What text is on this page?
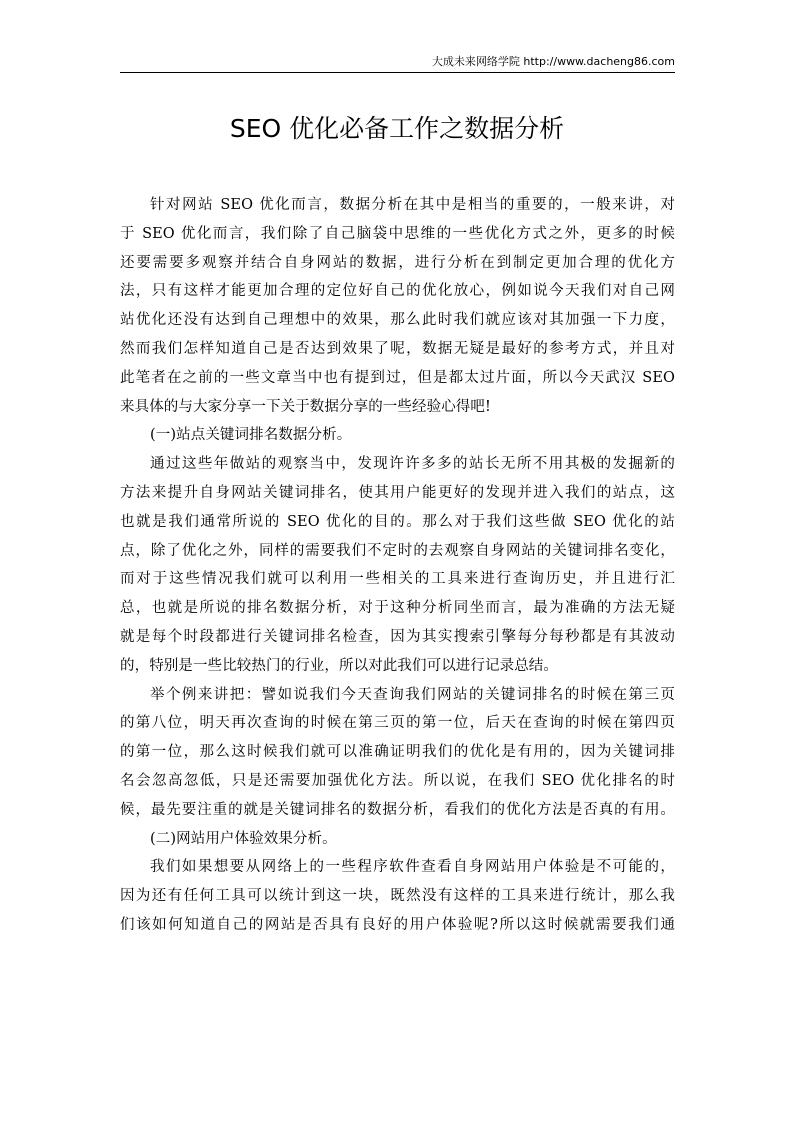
大成未来网络学院 http://www.dacheng86.com
SEO 优化必备工作之数据分析
针对网站 SEO 优化而言，数据分析在其中是相当的重要的，一般来讲，对
于 SEO 优化而言，我们除了自己脑袋中思维的一些优化方式之外，更多的时候
还要需要多观察并结合自身网站的数据，进行分析在到制定更加合理的优化方
法，只有这样才能更加合理的定位好自己的优化放心，例如说今天我们对自己网
站优化还没有达到自己理想中的效果，那么此时我们就应该对其加强一下力度，
然而我们怎样知道自己是否达到效果了呢，数据无疑是最好的参考方式，并且对
此笔者在之前的一些文章当中也有提到过，但是都太过片面，所以今天武汉 SEO
来具体的与大家分享一下关于数据分享的一些经验心得吧!
(一)站点关键词排名数据分析。
通过这些年做站的观察当中，发现许许多多的站长无所不用其极的发掘新的
方法来提升自身网站关键词排名，使其用户能更好的发现并进入我们的站点，这
也就是我们通常所说的 SEO 优化的目的。那么对于我们这些做 SEO 优化的站
点，除了优化之外，同样的需要我们不定时的去观察自身网站的关键词排名变化，
而对于这些情况我们就可以利用一些相关的工具来进行查询历史，并且进行汇
总，也就是所说的排名数据分析，对于这种分析同坐而言，最为准确的方法无疑
就是每个时段都进行关键词排名检查，因为其实搜索引擎每分每秒都是有其波动
的，特别是一些比较热门的行业，所以对此我们可以进行记录总结。
举个例来讲把：譬如说我们今天查询我们网站的关键词排名的时候在第三页
的第八位，明天再次查询的时候在第三页的第一位，后天在查询的时候在第四页
的第一位，那么这时候我们就可以准确证明我们的优化是有用的，因为关键词排
名会忽高忽低，只是还需要加强优化方法。所以说，在我们 SEO 优化排名的时
候，最先要注重的就是关键词排名的数据分析，看我们的优化方法是否真的有用。
(二)网站用户体验效果分析。
我们如果想要从网络上的一些程序软件查看自身网站用户体验是不可能的，
因为还有任何工具可以统计到这一块，既然没有这样的工具来进行统计，那么我
们该如何知道自己的网站是否具有良好的用户体验呢?所以这时候就需要我们通
